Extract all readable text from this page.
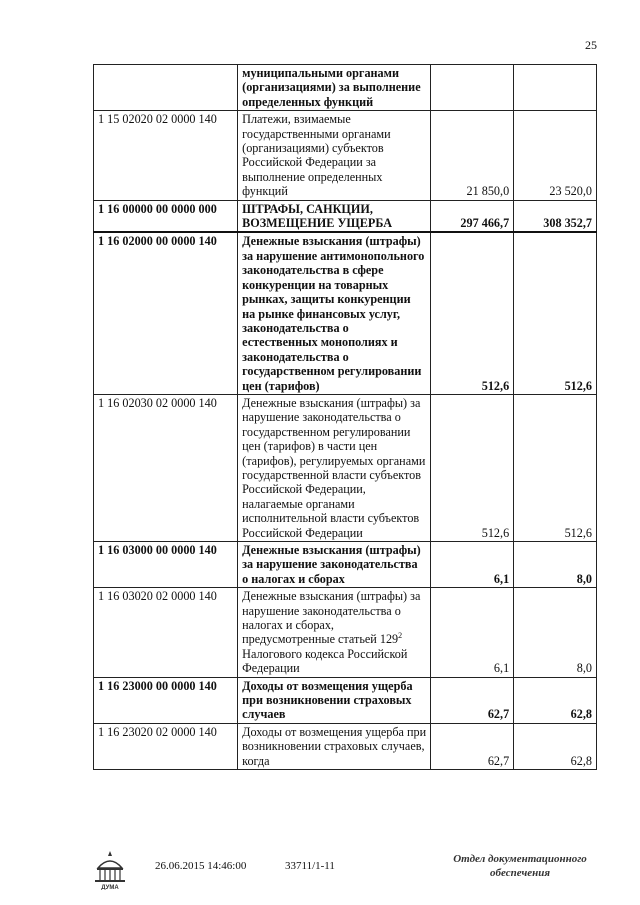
25
	муниципальными органами (организациями) за выполнение определенных функций		
1 15 02020 02 0000 140	Платежи, взимаемые государственными органами (организациями) субъектов Российской Федерации за выполнение определенных функций	21 850,0	23 520,0
1 16 00000 00 0000 000	ШТРАФЫ, САНКЦИИ, ВОЗМЕЩЕНИЕ УЩЕРБА	297 466,7	308 352,7
1 16 02000 00 0000 140	Денежные взыскания (штрафы) за нарушение антимонопольного законодательства в сфере конкуренции на товарных рынках, защиты конкуренции на рынке финансовых услуг, законодательства о естественных монополиях и законодательства о государственном регулировании цен (тарифов)	512,6	512,6
1 16 02030 02 0000 140	Денежные взыскания (штрафы) за нарушение законодательства о государственном регулировании цен (тарифов) в части цен (тарифов), регулируемых органами государственной власти субъектов Российской Федерации, налагаемые органами исполнительной власти субъектов Российской Федерации	512,6	512,6
1 16 03000 00 0000 140	Денежные взыскания (штрафы) за нарушение законодательства о налогах и сборах	6,1	8,0
1 16 03020 02 0000 140	Денежные взыскания (штрафы) за нарушение законодательства о налогах и сборах, предусмотренные статьей $129^2$ Налогового кодекса Российской Федерации	6,1	8,0
1 16 23000 00 0000 140	Доходы от возмещения ущерба при возникновении страховых случаев	62,7	62,8
1 16 23020 02 0000 140	Доходы от возмещения ущерба при возникновении страховых случаев, когда	62,7	62,8
ДУМА
26.06.2015 14:46:00	33711/1-11
Отдел документационного
обеспечения
